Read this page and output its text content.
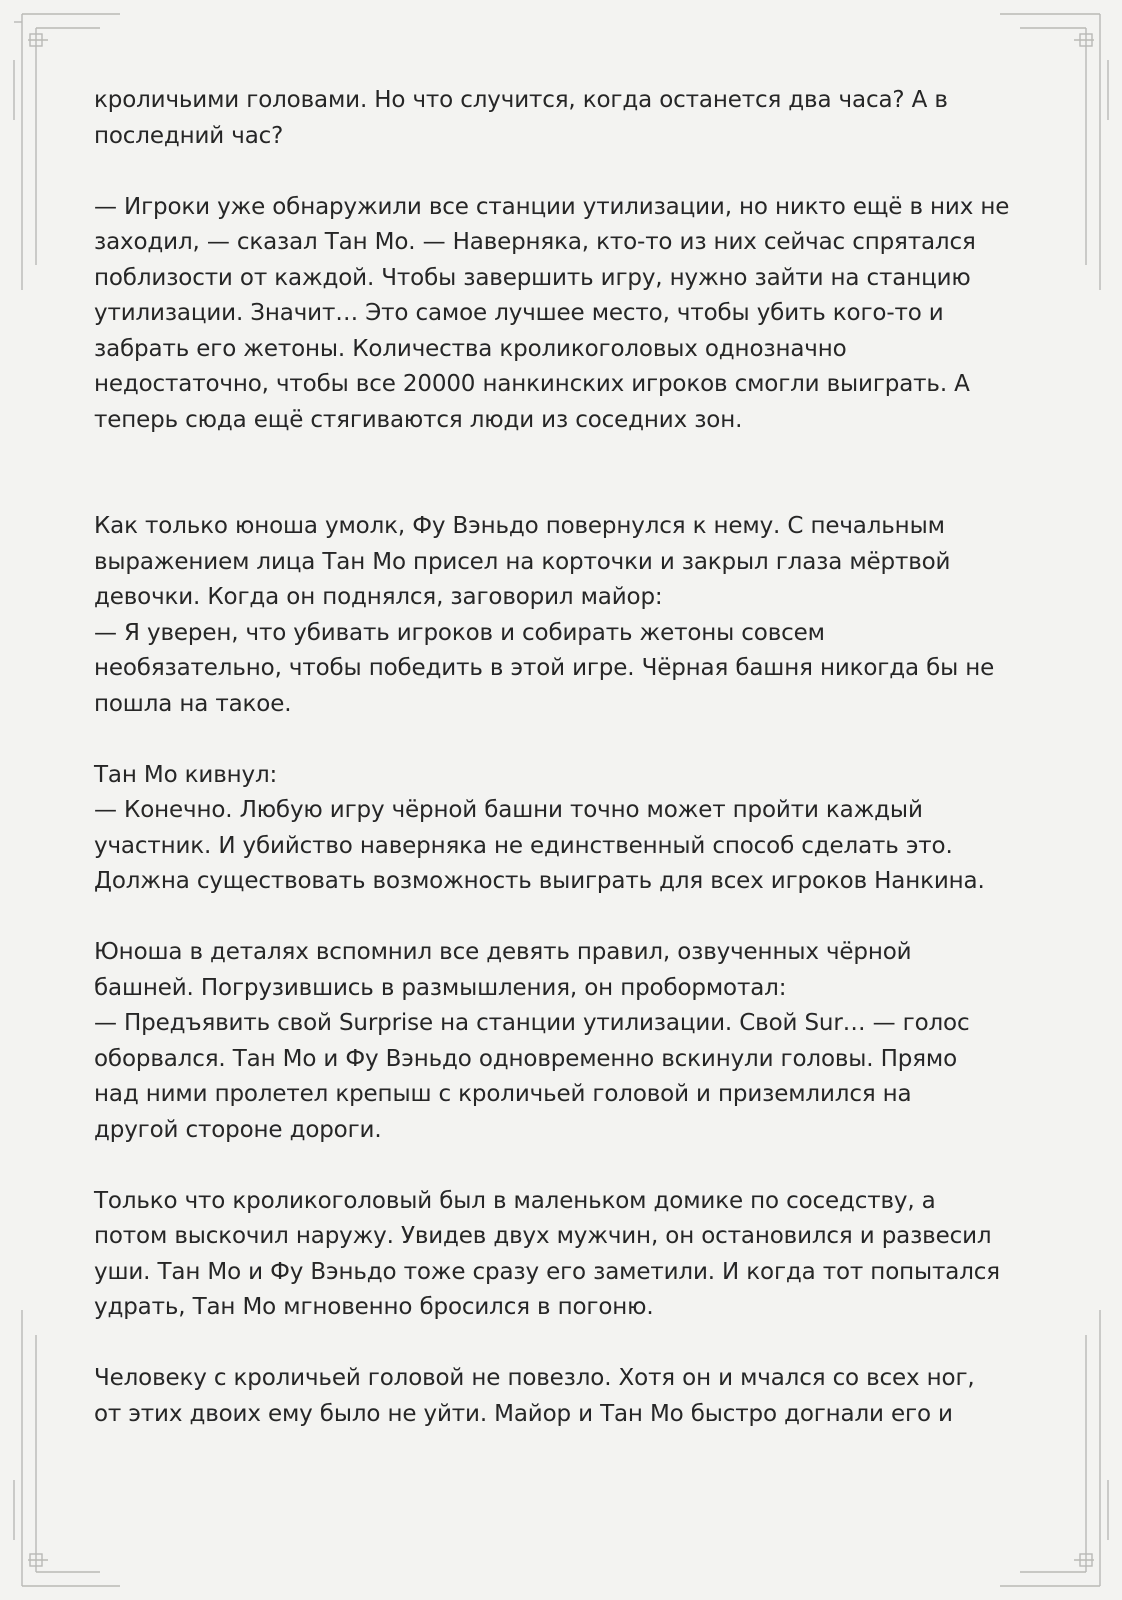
кроличьими головами. Но что случится, когда останется два часа? А в
последний час?

— Игроки уже обнаружили все станции утилизации, но никто ещё в них не
заходил, — сказал Тан Мо. — Наверняка, кто-то из них сейчас спрятался
поблизости от каждой. Чтобы завершить игру, нужно зайти на станцию
утилизации. Значит… Это самое лучшее место, чтобы убить кого-то и
забрать его жетоны. Количества кроликоголовых однозначно
недостаточно, чтобы все 20000 нанкинских игроков смогли выиграть. А
теперь сюда ещё стягиваются люди из соседних зон.

Как только юноша умолк, Фу Вэньдо повернулся к нему. С печальным
выражением лица Тан Мо присел на корточки и закрыл глаза мёртвой
девочки. Когда он поднялся, заговорил майор:
— Я уверен, что убивать игроков и собирать жетоны совсем
необязательно, чтобы победить в этой игре. Чёрная башня никогда бы не
пошла на такое.

Тан Мо кивнул:
— Конечно. Любую игру чёрной башни точно может пройти каждый
участник. И убийство наверняка не единственный способ сделать это.
Должна существовать возможность выиграть для всех игроков Нанкина.

Юноша в деталях вспомнил все девять правил, озвученных чёрной
башней. Погрузившись в размышления, он пробормотал:
— Предъявить свой Surprise на станции утилизации. Свой Sur… — голос
оборвался. Тан Мо и Фу Вэньдо одновременно вскинули головы. Прямо
над ними пролетел крепыш с кроличьей головой и приземлился на
другой стороне дороги.

Только что кроликоголовый был в маленьком домике по соседству, а
потом выскочил наружу. Увидев двух мужчин, он остановился и развесил
уши. Тан Мо и Фу Вэньдо тоже сразу его заметили. И когда тот попытался
удрать, Тан Мо мгновенно бросился в погоню.

Человеку с кроличьей головой не повезло. Хотя он и мчался со всех ног,
от этих двоих ему было не уйти. Майор и Тан Мо быстро догнали его и
